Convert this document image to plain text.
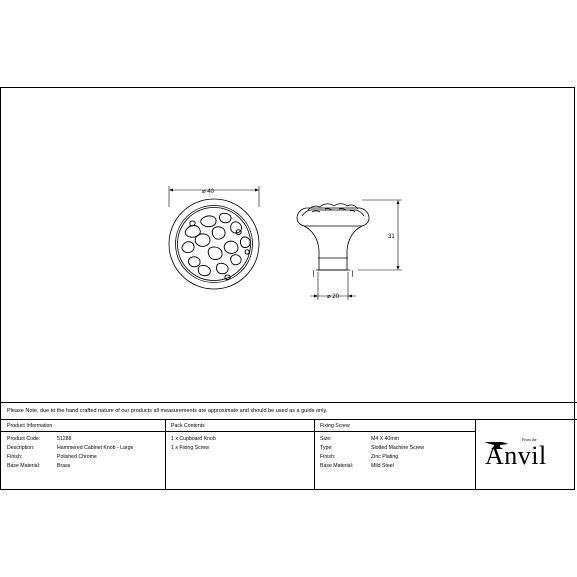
⌀ 40
31
⌀ 20
Please Note, due to the hand crafted nature of our products all measurements are approximate and should be used as a guide only.
Product Information
Product Code:	51288
Description:	Hammered Cabinet Knob - Large
Finish:	Polished Chrome
Base Material:	Brass
Pack Contents
1 x Cupboard Knob
1 x Fixing Screw
Fixing Screw
Size:	M4 X 40mm
Type:	Slotted Machine Screw
Finish:	Zinc Plating
Base Material:	Mild Steel
From the
Anvil
